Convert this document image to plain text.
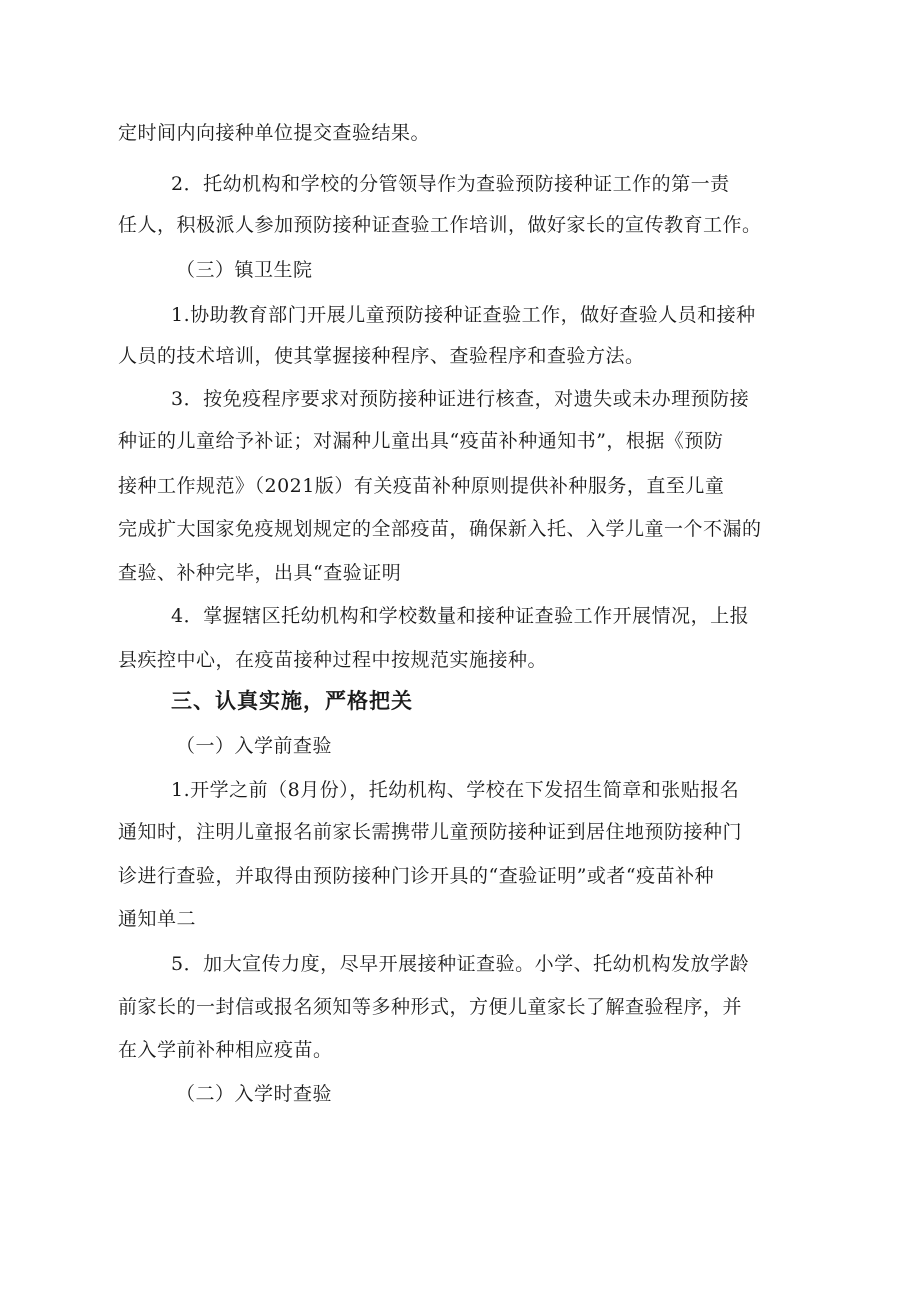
定时间内向接种单位提交查验结果。
2．托幼机构和学校的分管领导作为查验预防接种证工作的第一责
任人，积极派人参加预防接种证查验工作培训，做好家长的宣传教育工作。
（三）镇卫生院
1.协助教育部门开展儿童预防接种证查验工作，做好查验人员和接种
人员的技术培训，使其掌握接种程序、查验程序和查验方法。
3．按免疫程序要求对预防接种证进行核查，对遗失或未办理预防接
种证的儿童给予补证；对漏种儿童出具“疫苗补种通知书”，根据《预防
接种工作规范》（2021版）有关疫苗补种原则提供补种服务，直至儿童
完成扩大国家免疫规划规定的全部疫苗，确保新入托、入学儿童一个不漏的
查验、补种完毕，出具“查验证明
4．掌握辖区托幼机构和学校数量和接种证查验工作开展情况，上报
县疾控中心，在疫苗接种过程中按规范实施接种。
三、认真实施，严格把关
（一）入学前查验
1.开学之前（8月份），托幼机构、学校在下发招生简章和张贴报名
通知时，注明儿童报名前家长需携带儿童预防接种证到居住地预防接种门
诊进行查验，并取得由预防接种门诊开具的“查验证明”或者“疫苗补种
通知单二
5．加大宣传力度，尽早开展接种证查验。小学、托幼机构发放学龄
前家长的一封信或报名须知等多种形式，方便儿童家长了解查验程序，并
在入学前补种相应疫苗。
（二）入学时查验
